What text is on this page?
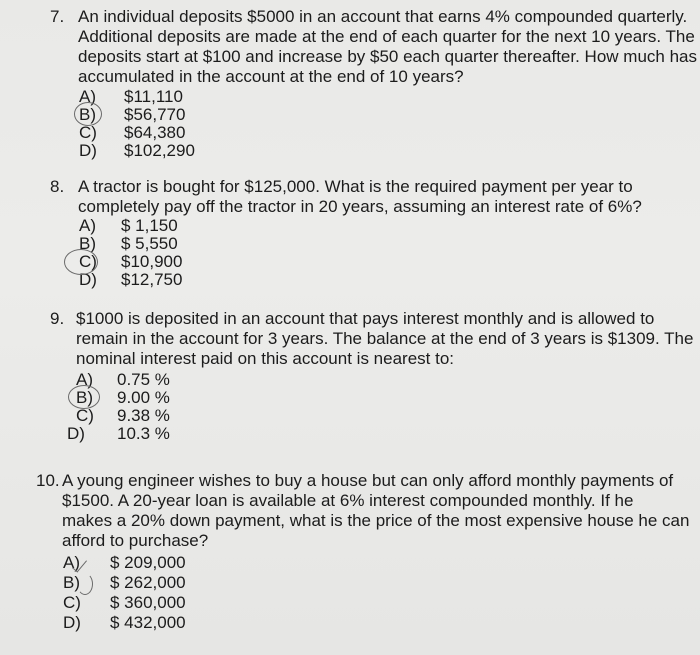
7. An individual deposits $5000 in an account that earns 4% compounded quarterly.
Additional deposits are made at the end of each quarter for the next 10 years. The
deposits start at $100 and increase by $50 each quarter thereafter. How much has
accumulated in the account at the end of 10 years?
A) $11,110
B) $56,770
C) $64,380
D) $102,290
8. A tractor is bought for $125,000. What is the required payment per year to
completely pay off the tractor in 20 years, assuming an interest rate of 6%?
A) $ 1,150
B) $ 5,550
C) $10,900
D) $12,750
9. $1000 is deposited in an account that pays interest monthly and is allowed to
remain in the account for 3 years. The balance at the end of 3 years is $1309. The
nominal interest paid on this account is nearest to:
A) 0.75 %
B) 9.00 %
C) 9.38 %
D) 10.3 %
10. A young engineer wishes to buy a house but can only afford monthly payments of
$1500. A 20-year loan is available at 6% interest compounded monthly. If he
makes a 20% down payment, what is the price of the most expensive house he can
afford to purchase?
A) $ 209,000
B) $ 262,000
C) $ 360,000
D) $ 432,000
